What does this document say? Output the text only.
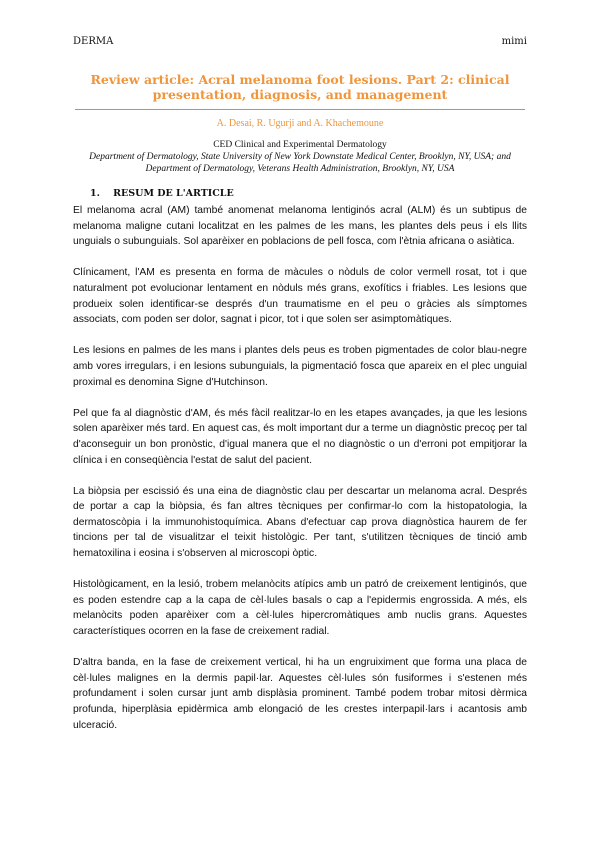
DERMA	mimi
Review article: Acral melanoma foot lesions. Part 2: clinical presentation, diagnosis, and management
A. Desai, R. Ugurji and A. Khachemoune
CED Clinical and Experimental Dermatology
Department of Dermatology, State University of New York Downstate Medical Center, Brooklyn, NY, USA; and
Department of Dermatology, Veterans Health Administration, Brooklyn, NY, USA
1. RESUM DE L'ARTICLE

El melanoma acral (AM) també anomenat melanoma lentiginós acral (ALM) és un subtipus de melanoma maligne cutani localitzat en les palmes de les mans, les plantes dels peus i els llits unguials o subunguials. Sol aparèixer en poblacions de pell fosca, com l'ètnia africana o asiàtica.

Clínicament, l'AM es presenta en forma de màcules o nòduls de color vermell rosat, tot i que naturalment pot evolucionar lentament en nòduls més grans, exofítics i friables. Les lesions que produeix solen identificar-se després d'un traumatisme en el peu o gràcies als símptomes associats, com poden ser dolor, sagnat i picor, tot i que solen ser asimptomàtiques.

Les lesions en palmes de les mans i plantes dels peus es troben pigmentades de color blau-negre amb vores irregulars, i en lesions subunguials, la pigmentació fosca que apareix en el plec unguial proximal es denomina Signe d'Hutchinson.

Pel que fa al diagnòstic d'AM, és més fàcil realitzar-lo en les etapes avançades, ja que les lesions solen aparèixer més tard. En aquest cas, és molt important dur a terme un diagnòstic precoç per tal d'aconseguir un bon pronòstic, d'igual manera que el no diagnòstic o un d'erroni pot empitjorar la clínica i en conseqüència l'estat de salut del pacient.

La biòpsia per escissió és una eina de diagnòstic clau per descartar un melanoma acral. Després de portar a cap la biòpsia, és fan altres tècniques per confirmar-lo com la histopatologia, la dermatoscòpia i la immunohistoquímica. Abans d'efectuar cap prova diagnòstica haurem de fer tincions per tal de visualitzar el teixit histològic. Per tant, s'utilitzen tècniques de tinció amb hematoxilina i eosina i s'observen al microscopi òptic.

Histològicament, en la lesió, trobem melanòcits atípics amb un patró de creixement lentiginós, que es poden estendre cap a la capa de cèl·lules basals o cap a l'epidermis engrossida. A més, els melanòcits poden aparèixer com a cèl·lules hipercromàtiques amb nuclis grans. Aquestes característiques ocorren en la fase de creixement radial.

D'altra banda, en la fase de creixement vertical, hi ha un engruiximent que forma una placa de cèl·lules malignes en la dermis papil·lar. Aquestes cèl·lules són fusiformes i s'estenen més profundament i solen cursar junt amb displàsia prominent. També podem trobar mitosi dèrmica profunda, hiperplàsia epidèrmica amb elongació de les crestes interpapil·lars i acantosis amb ulceració.
